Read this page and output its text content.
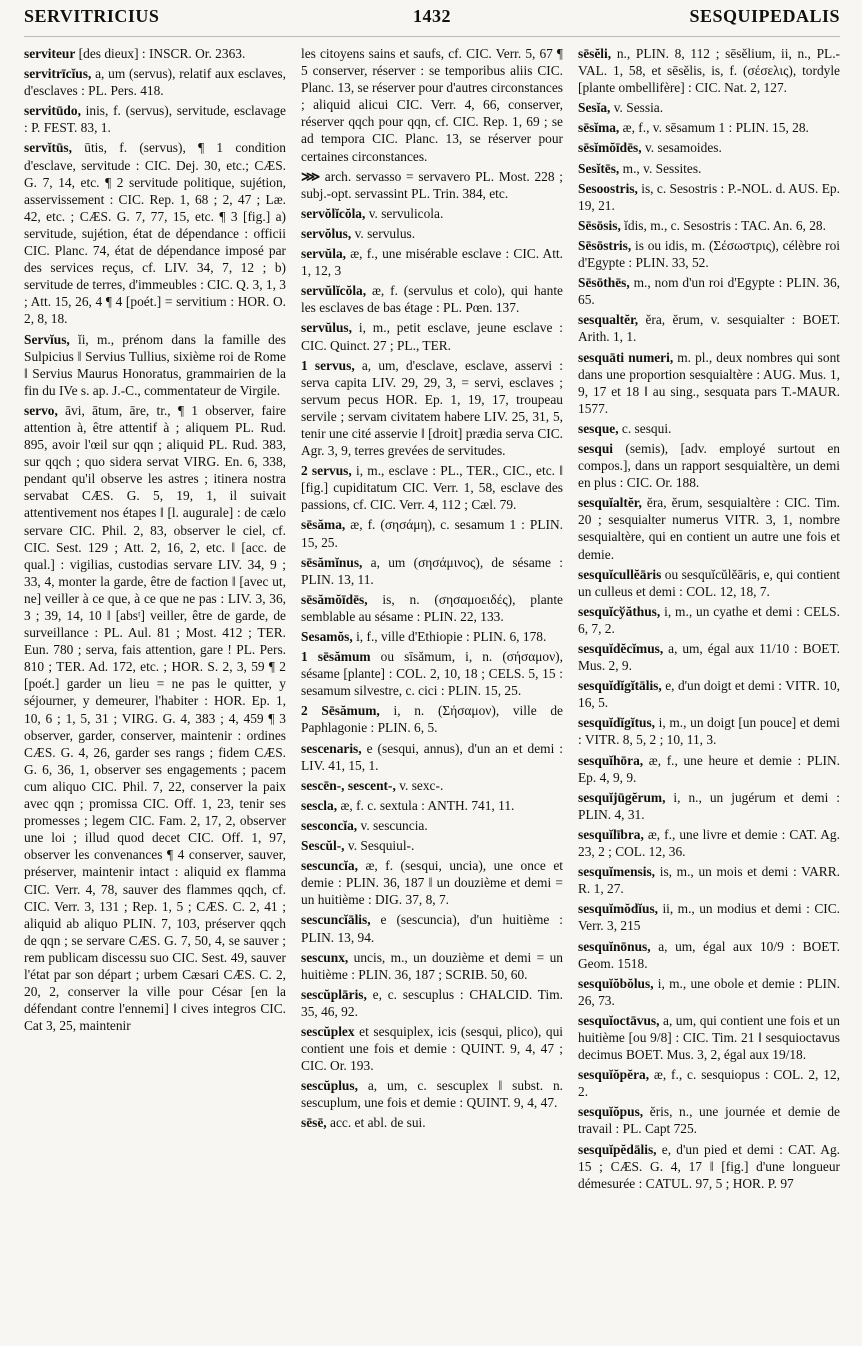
SERVITRICIUS	1432	SESQUIPEDALIS

serviteur [des dieux] : INSCR. Or. 2363.

servitrīcĭus, a, um (servus), relatif aux esclaves, d'esclaves : PL. Pers. 418.

servitūdo, inis, f. (servus), servitude, esclavage : P. FEST. 83, 1.

servĭtūs, ūtis, f. (servus), ¶ 1 condition d'esclave, servitude : CIC. Dej. 30, etc.; CÆS. G. 7, 14, etc. ¶ 2 servitude politique, sujétion, asservissement : CIC. Rep. 1, 68 ; 2, 47 ; Læ. 42, etc. ; CÆS. G. 7, 77, 15, etc. ¶ 3 [fig.] a) servitude, sujétion, état de dépendance : officii CIC. Planc. 74, état de dépendance imposé par des services reçus, cf. LIV. 34, 7, 12 ; b) servitude de terres, d'immeubles : CIC. Q. 3, 1, 3 ; Att. 15, 26, 4 ¶ 4 [poét.] = servitium : HOR. O. 2, 8, 18.

Servĭus, ĭi, m., prénom dans la famille des Sulpicius ‖ Servius Tullius, sixième roi de Rome ‖ Servius Maurus Honoratus, grammairien de la fin du IVe s. ap. J.-C., commentateur de Virgile.

servo, āvi, ātum, āre, tr., ¶ 1 observer, faire attention à, être attentif à ; aliquem PL. Rud. 895, avoir l'œil sur qqn ; aliquid PL. Rud. 383, sur qqch ; quo sidera servat VIRG. En. 6, 338, pendant qu'il observe les astres ; itinera nostra servabat CÆS. G. 5, 19, 1, il suivait attentivement nos étapes ‖ [l. augurale] : de cælo servare CIC. Phil. 2, 83, observer le ciel, cf. CIC. Sest. 129 ; Att. 2, 16, 2, etc. ‖ [acc. de qual.] : vigilias, custodias servare LIV. 34, 9 ; 33, 4, monter la garde, être de faction ‖ [avec ut, ne] veiller à ce que, à ce que ne pas : LIV. 3, 36, 3 ; 39, 14, 10 ‖ [absᵗ] veiller, être de garde, de surveillance : PL. Aul. 81 ; Most. 412 ; TER. Eun. 780 ; serva, fais attention, gare ! PL. Pers. 810 ; TER. Ad. 172, etc. ; HOR. S. 2, 3, 59 ¶ 2 [poét.] garder un lieu = ne pas le quitter, y séjourner, y demeurer, l'habiter : HOR. Ep. 1, 10, 6 ; 1, 5, 31 ; VIRG. G. 4, 383 ; 4, 459 ¶ 3 observer, garder, conserver, maintenir : ordines CÆS. G. 4, 26, garder ses rangs ; fidem CÆS. G. 6, 36, 1, observer ses engagements ; pacem cum aliquo CIC. Phil. 7, 22, conserver la paix avec qqn ; promissa CIC. Off. 1, 23, tenir ses promesses ; legem CIC. Fam. 2, 17, 2, observer une loi ; illud quod decet CIC. Off. 1, 97, observer les convenances ¶ 4 conserver, sauver, préserver, maintenir intact : aliquid ex flamma CIC. Verr. 4, 78, sauver des flammes qqch, cf. CIC. Verr. 3, 131 ; Rep. 1, 5 ; CÆS. C. 2, 41 ; aliquid ab aliquo PLIN. 7, 103, préserver qqch de qqn ; se servare CÆS. G. 7, 50, 4, se sauver ; rem publicam discessu suo CIC. Sest. 49, sauver l'état par son départ ; urbem Cæsari CÆS. C. 2, 20, 2, conserver la ville pour César [en la défendant contre l'ennemi] ‖ cives integros CIC. Cat 3, 25, maintenir

les citoyens sains et saufs, cf. CIC. Verr. 5, 67 ¶ 5 conserver, réserver : se temporibus aliis CIC. Planc. 13, se réserver pour d'autres circonstances ; aliquid alicui CIC. Verr. 4, 66, conserver, réserver qqch pour qqn, cf. CIC. Rep. 1, 69 ; se ad tempora CIC. Planc. 13, se réserver pour certaines circonstances.

⋙ arch. servasso = servavero PL. Most. 228 ; subj.-opt. servassint PL. Trin. 384, etc.

servŏlĭcŏla, v. servulicola.

servŏlus, v. servulus.

servŭla, æ, f., une misérable esclave : CIC. Att. 1, 12, 3

servŭlĭcŏla, æ, f. (servulus et colo), qui hante les esclaves de bas étage : PL. Pœn. 137.

servŭlus, i, m., petit esclave, jeune esclave : CIC. Quinct. 27 ; PL., TER.

1 servus, a, um, d'esclave, esclave, asservi : serva capita LIV. 29, 29, 3, = servi, esclaves ; servum pecus HOR. Ep. 1, 19, 17, troupeau servile ; servam civitatem habere LIV. 25, 31, 5, tenir une cité asservie ‖ [droit] prædia serva CIC. Agr. 3, 9, terres grevées de servitudes.

2 servus, i, m., esclave : PL., TER., CIC., etc. ‖ [fig.] cupiditatum CIC. Verr. 1, 58, esclave des passions, cf. CIC. Verr. 4, 112 ; Cæl. 79.

sēsăma, æ, f. (σησάμη), c. sesamum 1 : PLIN. 15, 25.

sēsămĭnus, a, um (σησάμινος), de sésame : PLIN. 13, 11.

sēsămŏīdēs, is, n. (σησαμοειδές), plante semblable au sésame : PLIN. 22, 133.

Sesamŏs, i, f., ville d'Ethiopie : PLIN. 6, 178.

1 sēsămum ou sīsămum, i, n. (σήσαμον), sésame [plante] : COL. 2, 10, 18 ; CELS. 5, 15 : sesamum silvestre, c. cici : PLIN. 15, 25.

2 Sēsămum, i, n. (Σήσαμον), ville de Paphlagonie : PLIN. 6, 5.

sescenaris, e (sesqui, annus), d'un an et demi : LIV. 41, 15, 1.

sescēn-, sescent-, v. sexc-.

sescla, æ, f. c. sextula : ANTH. 741, 11.

sesconcĭa, v. sescuncia.

Sescŭl-, v. Sesquiul-.

sescuncĭa, æ, f. (sesqui, uncia), une once et demie : PLIN. 36, 187 ‖ un douzième et demi = un huitième : DIG. 37, 8, 7.

sescuncĭālis, e (sescuncia), d'un huitième : PLIN. 13, 94.

sescunx, uncis, m., un douzième et demi = un huitième : PLIN. 36, 187 ; SCRIB. 50, 60.

sescŭplāris, e, c. sescuplus : CHALCID. Tim. 35, 46, 92.

sescŭplex et sesquiplex, icis (sesqui, plico), qui contient une fois et demie : QUINT. 9, 4, 47 ; CIC. Or. 193.

sescŭplus, a, um, c. sescuplex ‖ subst. n. sescuplum, une fois et demie : QUINT. 9, 4, 47.

sēsē, acc. et abl. de sui.

sēsĕli, n., PLIN. 8, 112 ; sēsĕlium, ii, n., PL.-VAL. 1, 58, et sēsĕlis, is, f. (σέσελις), tordyle [plante ombellifère] : CIC. Nat. 2, 127.

Sesĭa, v. Sessia.

sēsĭma, æ, f., v. sēsamum 1 : PLIN. 15, 28.

sēsĭmŏīdēs, v. sesamoides.

Sesĭtēs, m., v. Sessites.

Sesoostris, is, c. Sesostris : P.-NOL. d. AUS. Ep. 19, 21.

Sēsōsis, ĭdis, m., c. Sesostris : TAC. An. 6, 28.

Sēsōstris, is ou idis, m. (Σέσωστρις), célèbre roi d'Egypte : PLIN. 33, 52.

Sēsōthēs, m., nom d'un roi d'Egypte : PLIN. 36, 65.

sesqualtĕr, ĕra, ĕrum, v. sesquialter : BOET. Arith. 1, 1.

sesquāti numeri, m. pl., deux nombres qui sont dans une proportion sesquialtère : AUG. Mus. 1, 9, 17 et 18 ‖ au sing., sesquata pars T.-MAUR. 1577.

sesque, c. sesqui.

sesqui (semis), [adv. employé surtout en compos.], dans un rapport sesquialtère, un demi en plus : CIC. Or. 188.

sesquĭaltĕr, ĕra, ĕrum, sesquialtère : CIC. Tim. 20 ; sesquialter numerus VITR. 3, 1, nombre sesquialtère, qui en contient un autre une fois et demie.

sesquĭcullĕāris ou sesquĭcŭlĕāris, e, qui contient un culleus et demi : COL. 12, 18, 7.

sesquĭcўăthus, i, m., un cyathe et demi : CELS. 6, 7, 2.

sesquĭdĕcĭmus, a, um, égal aux 11/10 : BOET. Mus. 2, 9.

sesquĭdĭgĭtālis, e, d'un doigt et demi : VITR. 10, 16, 5.

sesquĭdĭgĭtus, i, m., un doigt [un pouce] et demi : VITR. 8, 5, 2 ; 10, 11, 3.

sesquĭhōra, æ, f., une heure et demie : PLIN. Ep. 4, 9, 9.

sesquĭjūgĕrum, i, n., un jugérum et demi : PLIN. 4, 31.

sesquĭlībra, æ, f., une livre et demie : CAT. Ag. 23, 2 ; COL. 12, 36.

sesquĭmensis, is, m., un mois et demi : VARR. R. 1, 27.

sesquĭmŏdĭus, ii, m., un modius et demi : CIC. Verr. 3, 215

sesquĭnōnus, a, um, égal aux 10/9 : BOET. Geom. 1518.

sesquĭŏbŏlus, i, m., une obole et demie : PLIN. 26, 73.

sesquĭoctāvus, a, um, qui contient une fois et un huitième [ou 9/8] : CIC. Tim. 21 ‖ sesquioctavus decimus BOET. Mus. 3, 2, égal aux 19/18.

sesquĭŏpĕra, æ, f., c. sesquiopus : COL. 2, 12, 2.

sesquĭŏpus, ĕris, n., une journée et demie de travail : PL. Capt 725.

sesquĭpĕdālis, e, d'un pied et demi : CAT. Ag. 15 ; CÆS. G. 4, 17 ‖ [fig.] d'une longueur démesurée : CATUL. 97, 5 ; HOR. P. 97
